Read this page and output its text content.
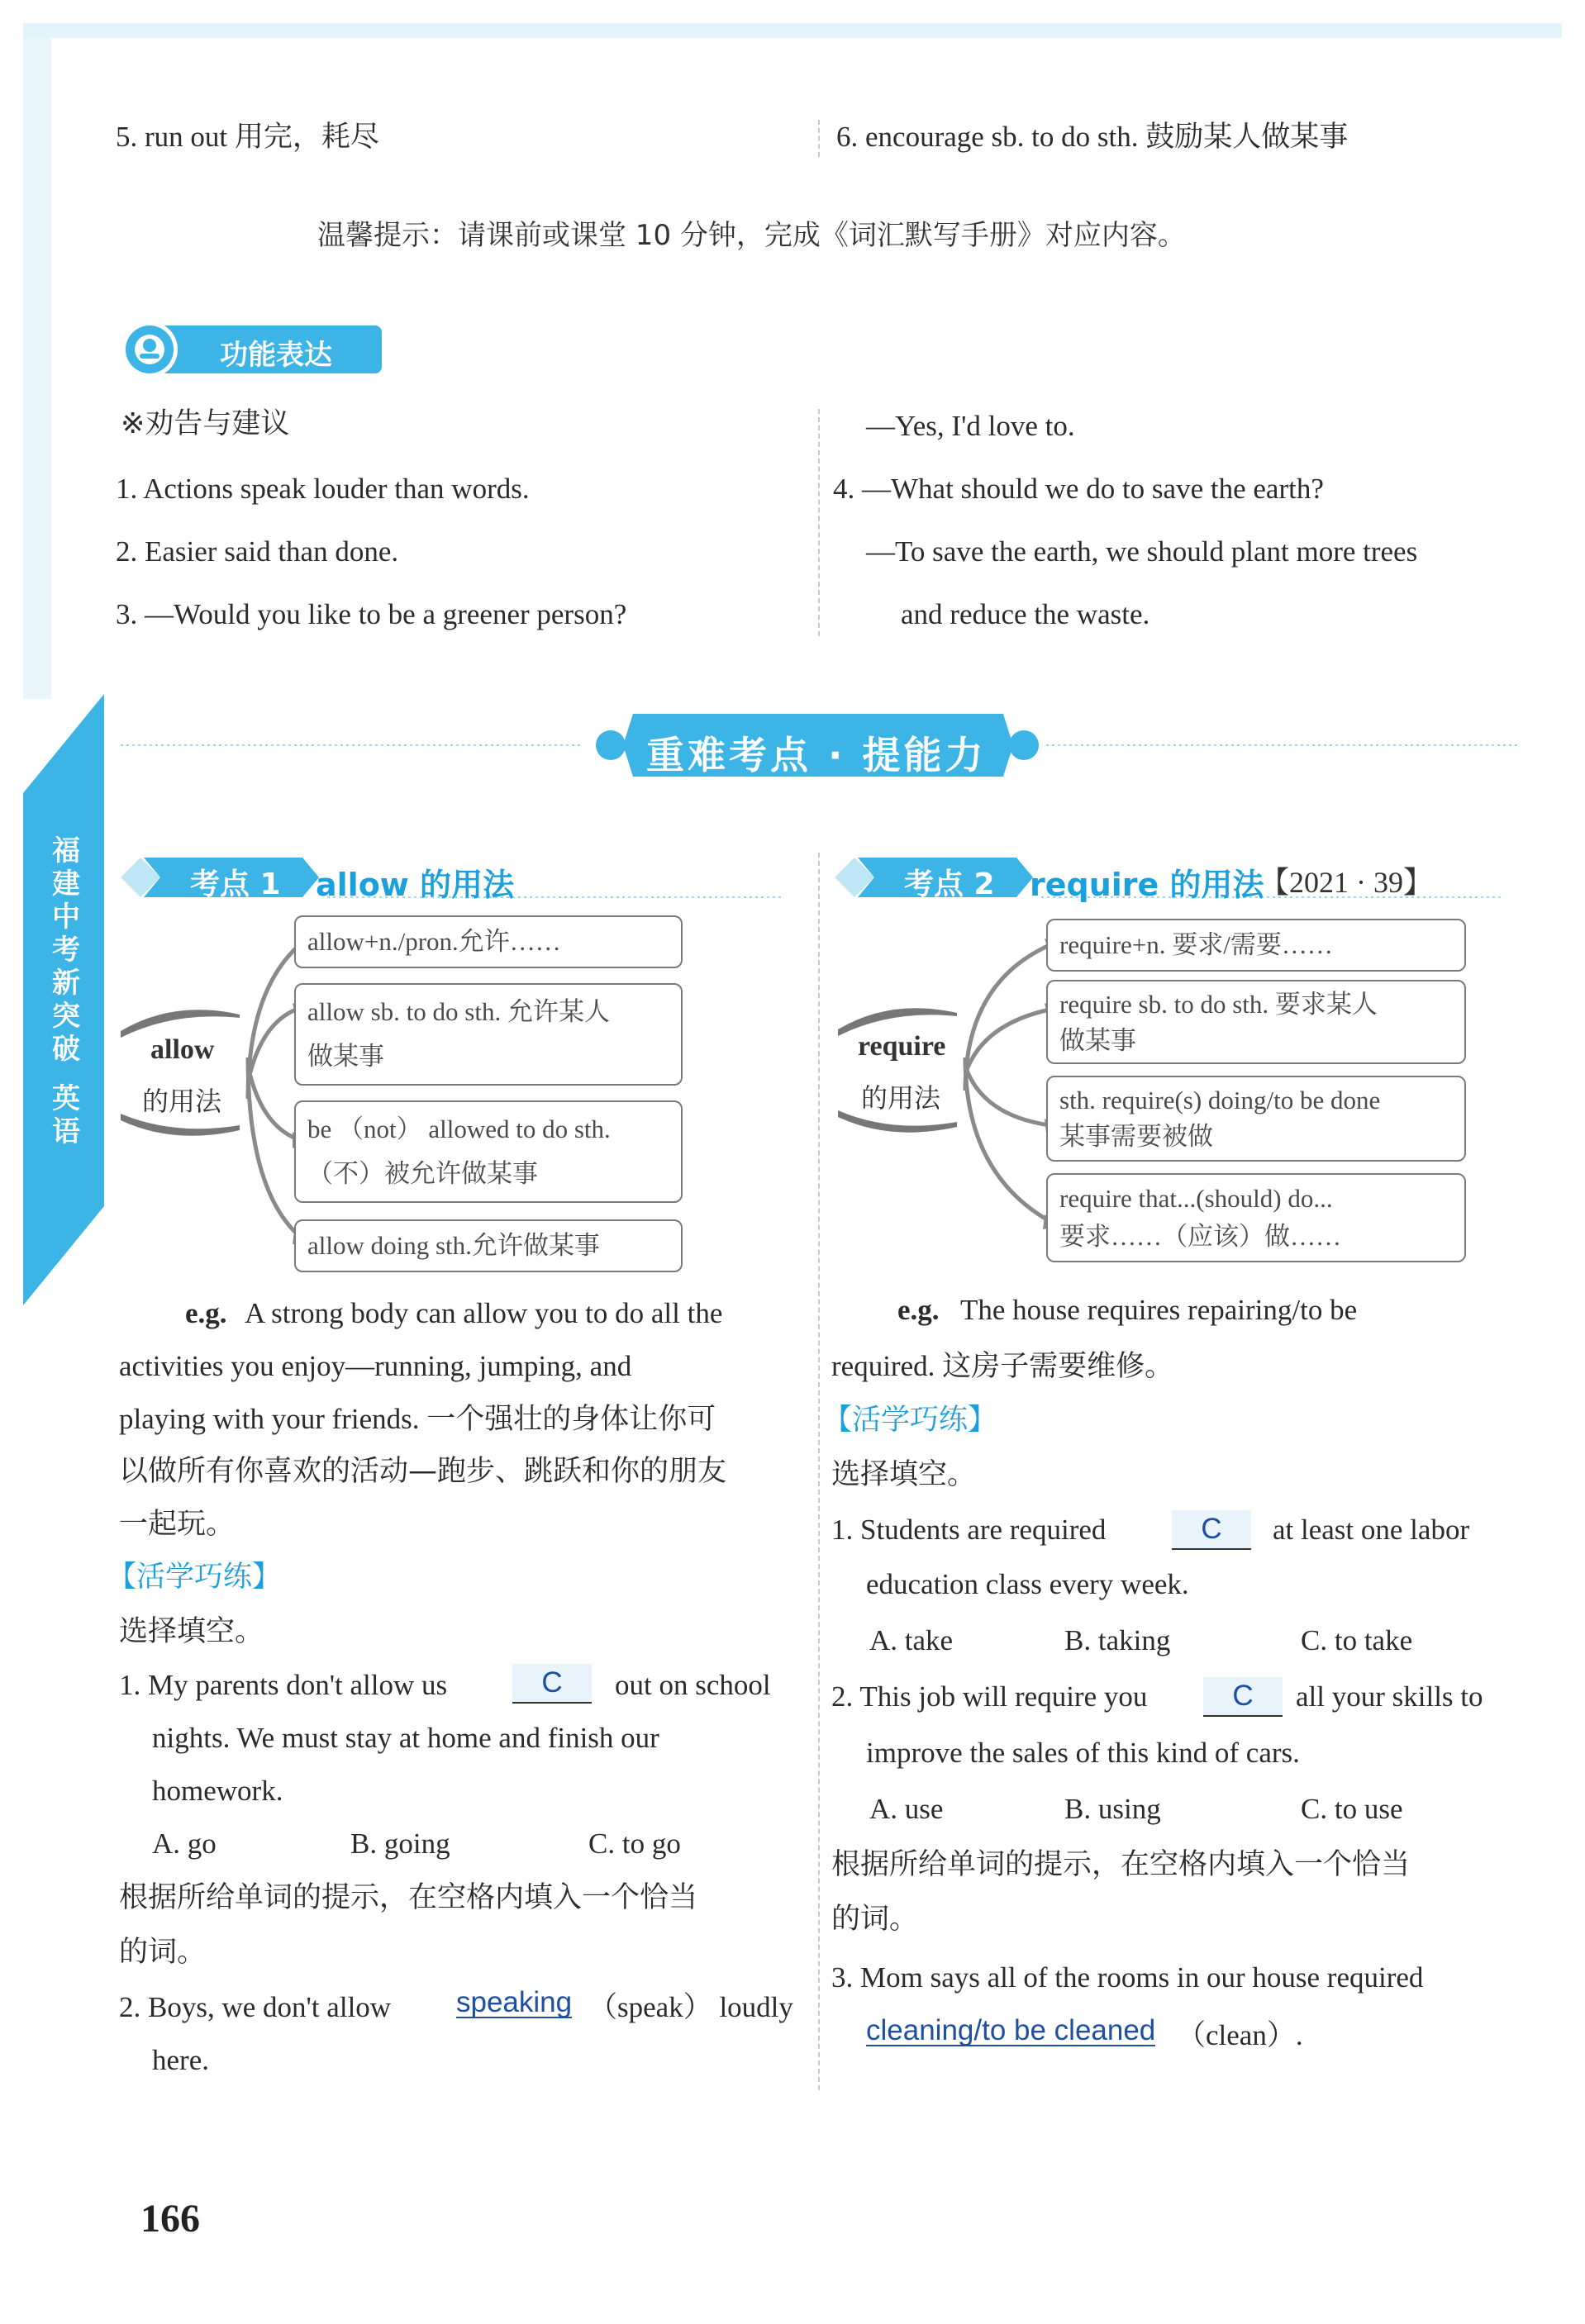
福
建
中
考
新
突
破
英
语
5. run out 用完，耗尽	6. encourage sb. to do sth. 鼓励某人做某事
温馨提示：请课前或课堂 10 分钟，完成《词汇默写手册》对应内容。
功能表达
※劝告与建议
1. Actions speak louder than words.
2. Easier said than done.
3. —Would you like to be a greener person?
—Yes, I'd love to.
4. —What should we do to save the earth?
—To save the earth, we should plant more trees
and reduce the waste.
重难考点 · 提能力
考点 1 allow 的用法
allow
的用法
allow+n./pron.允许……
allow sb. to do sth. 允许某人
做某事
be （not） allowed to do sth.
（不）被允许做某事
allow doing sth.允许做某事
e.g. A strong body can allow you to do all the
activities you enjoy—running, jumping, and
playing with your friends. 一个强壮的身体让你可
以做所有你喜欢的活动—跑步、跳跃和你的朋友
一起玩。
【活学巧练】
选择填空。
1. My parents don't allow us	C	out on school
nights. We must stay at home and finish our
homework.
A. go	B. going	C. to go
根据所给单词的提示，在空格内填入一个恰当
的词。
2. Boys, we don't allow speaking （speak） loudly
here.
考点 2 require 的用法
【2021 · 39】
require
的用法
require+n. 要求/需要……
require sb. to do sth. 要求某人
做某事
sth. require(s) doing/to be done
某事需要被做
require that...(should) do...
要求……（应该）做……
e.g. The house requires repairing/to be
required. 这房子需要维修。
【活学巧练】
选择填空。
1. Students are required	C	at least one labor
education class every week.
A. take	B. taking	C. to take
2. This job will require you	C	all your skills to
improve the sales of this kind of cars.
A. use	B. using	C. to use
根据所给单词的提示，在空格内填入一个恰当
的词。
3. Mom says all of the rooms in our house required
cleaning/to be cleaned （clean）.
166
